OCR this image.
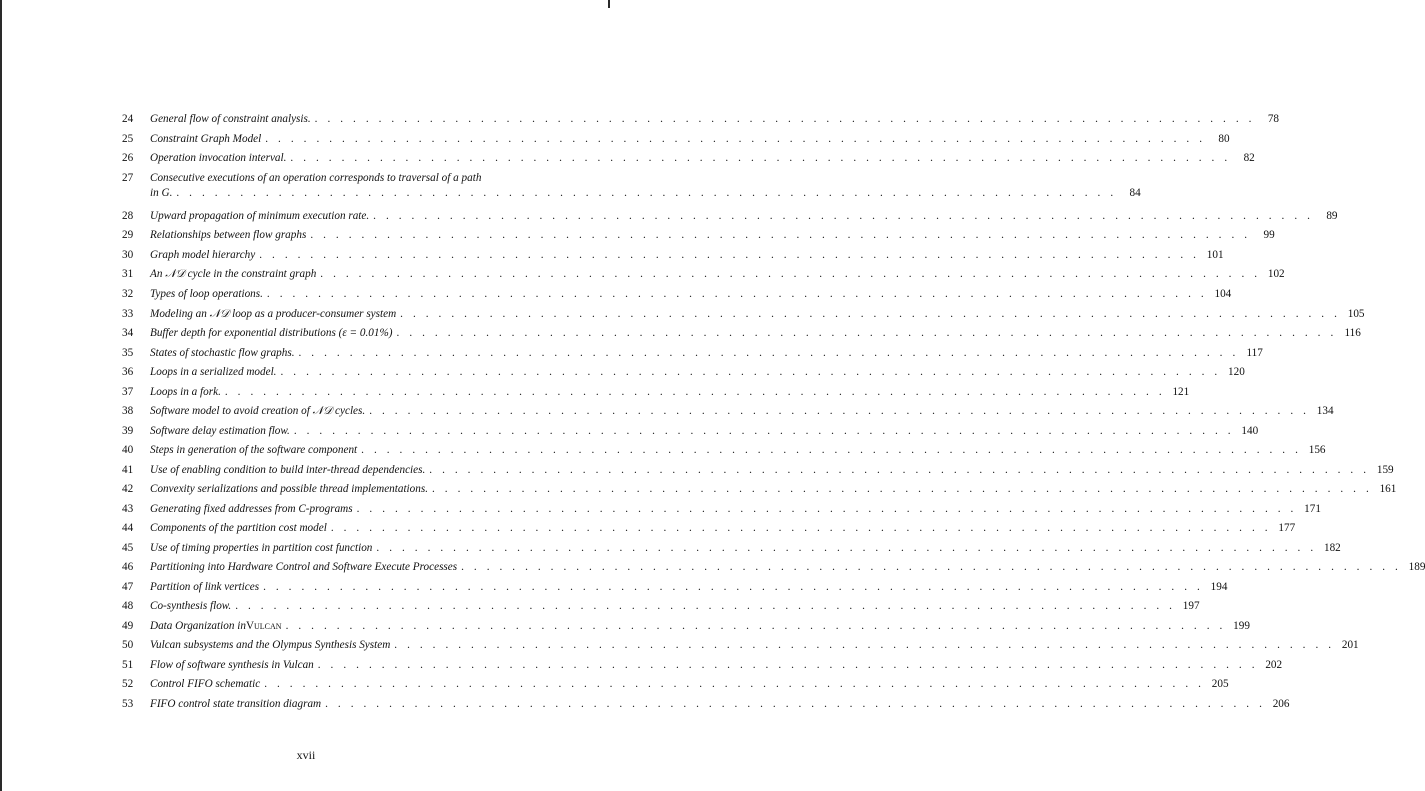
24	General flow of constraint analysis. . . . . . . . . . . . . . . . . . . . . . . . . . . . . . . . . . . . . . . . . . . . . . . . . . . . . . . . . . . . . . . . . . . . . . . . . . .	78
25	Constraint Graph Model . . . . . . . . . . . . . . . . . . . . . . . . . . . . . . . . . . . . . . . . . . . . . . . . . . . . . . . . . . . . . . . . . . . . . . . . . .	80
26	Operation invocation interval. . . . . . . . . . . . . . . . . . . . . . . . . . . . . . . . . . . . . . . . . . . . . . . . . . . . . . . . . . . . . . . . . . . . . . . . . . .	82
27	Consecutive executions of an operation corresponds to traversal of a path
in G. . . . . . . . . . . . . . . . . . . . . . . . . . . . . . . . . . . . . . . . . . . . . . . . . . . . . . . . . . . . . . . . . . . . . . . . . . .	84
28	Upward propagation of minimum execution rate. . . . . . . . . . . . . . . . . . . . . . . . . . . . . . . . . . . . . . . . . . . . . . . . . . . . . . . . . . . . . . . . . . . . . . . . . . .	89
29	Relationships between flow graphs . . . . . . . . . . . . . . . . . . . . . . . . . . . . . . . . . . . . . . . . . . . . . . . . . . . . . . . . . . . . . . . . . . . . . . . . . .	99
30	Graph model hierarchy . . . . . . . . . . . . . . . . . . . . . . . . . . . . . . . . . . . . . . . . . . . . . . . . . . . . . . . . . . . . . . . . . . . . . . . . . . 101
31	An 𝒩𝒟 cycle in the constraint graph . . . . . . . . . . . . . . . . . . . . . . . . . . . . . . . . . . . . . . . . . . . . . . . . . . . . . . . . . . . . . . . . . . . . . . . . . . 102
32	Types of loop operations. . . . . . . . . . . . . . . . . . . . . . . . . . . . . . . . . . . . . . . . . . . . . . . . . . . . . . . . . . . . . . . . . . . . . . . . . . . 104
33	Modeling an 𝒩𝒟 loop as a producer-consumer system . . . . . . . . . . . . . . . . . . . . . . . . . . . . . . . . . . . . . . . . . . . . . . . . . . . . . . . . . . . . . . . . . . . . . . . . . . 105
34	Buffer depth for exponential distributions (ε = 0.01%) . . . . . . . . . . . . . . . . . . . . . . . . . . . . . . . . . . . . . . . . . . . . . . . . . . . . . . . . . . . . . . . . . . . . . . . . . . 116
35	States of stochastic flow graphs. . . . . . . . . . . . . . . . . . . . . . . . . . . . . . . . . . . . . . . . . . . . . . . . . . . . . . . . . . . . . . . . . . . . . . . . . . . 117
36	Loops in a serialized model. . . . . . . . . . . . . . . . . . . . . . . . . . . . . . . . . . . . . . . . . . . . . . . . . . . . . . . . . . . . . . . . . . . . . . . . . . . 120
37	Loops in a fork. . . . . . . . . . . . . . . . . . . . . . . . . . . . . . . . . . . . . . . . . . . . . . . . . . . . . . . . . . . . . . . . . . . . . . . . . . . 121
38	Software model to avoid creation of 𝒩𝒟 cycles. . . . . . . . . . . . . . . . . . . . . . . . . . . . . . . . . . . . . . . . . . . . . . . . . . . . . . . . . . . . . . . . . . . . . . . . . . . 134
39	Software delay estimation flow. . . . . . . . . . . . . . . . . . . . . . . . . . . . . . . . . . . . . . . . . . . . . . . . . . . . . . . . . . . . . . . . . . . . . . . . . . . 140
40	Steps in generation of the software component . . . . . . . . . . . . . . . . . . . . . . . . . . . . . . . . . . . . . . . . . . . . . . . . . . . . . . . . . . . . . . . . . . . . . . . . . . 156
41	Use of enabling condition to build inter-thread dependencies. . . . . . . . . . . . . . . . . . . . . . . . . . . . . . . . . . . . . . . . . . . . . . . . . . . . . . . . . . . . . . . . . . . . . . . . . . . 159
42	Convexity serializations and possible thread implementations. . . . . . . . . . . . . . . . . . . . . . . . . . . . . . . . . . . . . . . . . . . . . . . . . . . . . . . . . . . . . . . . . . . . . . . . . . . 161
43	Generating fixed addresses from C-programs . . . . . . . . . . . . . . . . . . . . . . . . . . . . . . . . . . . . . . . . . . . . . . . . . . . . . . . . . . . . . . . . . . . . . . . . . . 171
44	Components of the partition cost model . . . . . . . . . . . . . . . . . . . . . . . . . . . . . . . . . . . . . . . . . . . . . . . . . . . . . . . . . . . . . . . . . . . . . . . . . . 177
45	Use of timing properties in partition cost function . . . . . . . . . . . . . . . . . . . . . . . . . . . . . . . . . . . . . . . . . . . . . . . . . . . . . . . . . . . . . . . . . . . . . . . . . . 182
46	Partitioning into Hardware Control and Software Execute Processes . . . . . . . . . . . . . . . . . . . . . . . . . . . . . . . . . . . . . . . . . . . . . . . . . . . . . . . . . . . . . . . . . . . . . . . . . . 189
47	Partition of link vertices . . . . . . . . . . . . . . . . . . . . . . . . . . . . . . . . . . . . . . . . . . . . . . . . . . . . . . . . . . . . . . . . . . . . . . . . . . 194
48	Co-synthesis flow. . . . . . . . . . . . . . . . . . . . . . . . . . . . . . . . . . . . . . . . . . . . . . . . . . . . . . . . . . . . . . . . . . . . . . . . . . . 197
49	Data Organization in Vulcan . . . . . . . . . . . . . . . . . . . . . . . . . . . . . . . . . . . . . . . . . . . . . . . . . . . . . . . . . . . . . . . . . . . . . . . . . . 199
50	Vulcan subsystems and the Olympus Synthesis System . . . . . . . . . . . . . . . . . . . . . . . . . . . . . . . . . . . . . . . . . . . . . . . . . . . . . . . . . . . . . . . . . . . . . . . . . . 201
51	Flow of software synthesis in Vulcan . . . . . . . . . . . . . . . . . . . . . . . . . . . . . . . . . . . . . . . . . . . . . . . . . . . . . . . . . . . . . . . . . . . . . . . . . . 202
52	Control FIFO schematic . . . . . . . . . . . . . . . . . . . . . . . . . . . . . . . . . . . . . . . . . . . . . . . . . . . . . . . . . . . . . . . . . . . . . . . . . . 205
53	FIFO control state transition diagram . . . . . . . . . . . . . . . . . . . . . . . . . . . . . . . . . . . . . . . . . . . . . . . . . . . . . . . . . . . . . . . . . . . . . . . . . . 206
xvii
